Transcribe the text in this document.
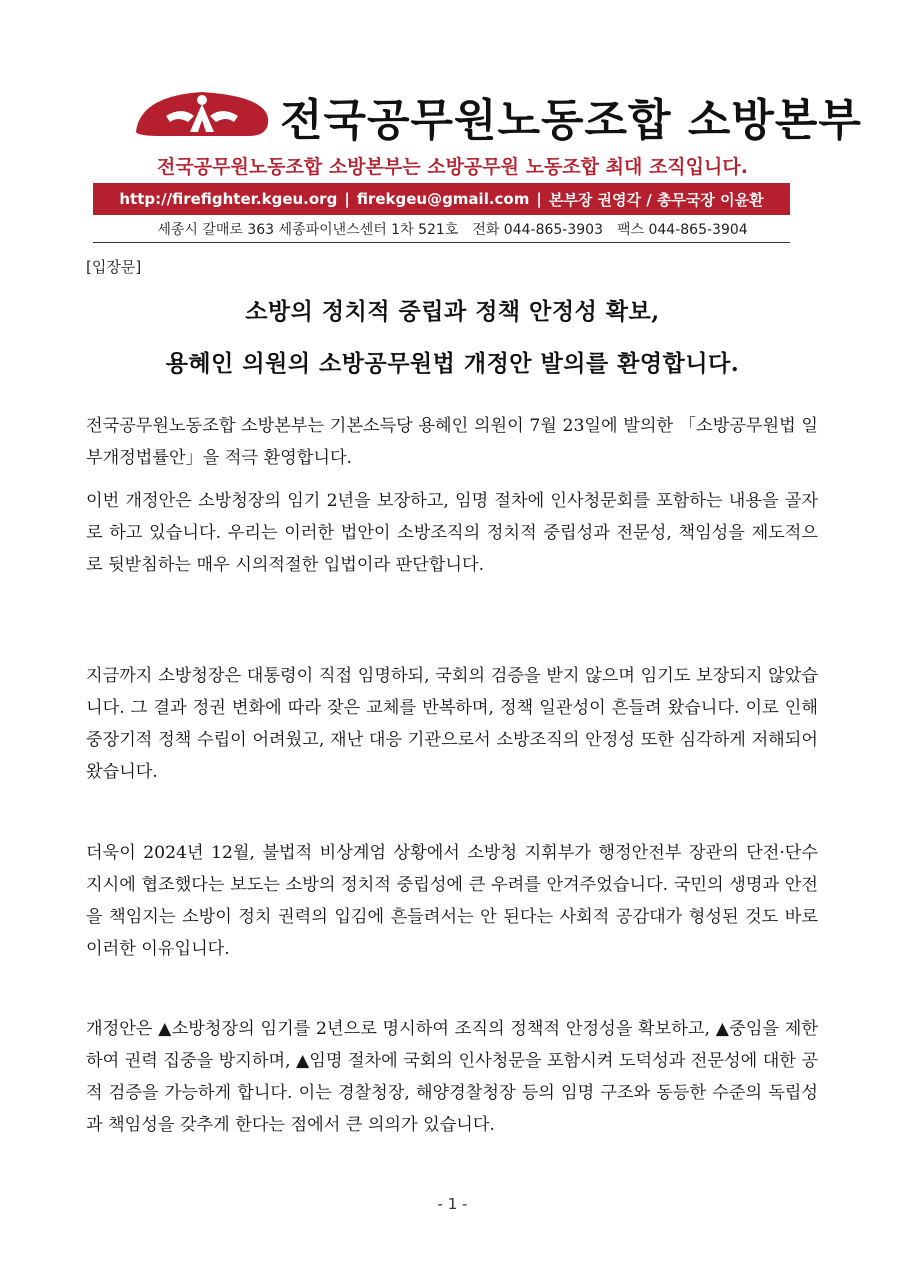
전국공무원노동조합 소방본부
전국공무원노동조합 소방본부는 소방공무원 노동조합 최대 조직입니다.
http://firefighter.kgeu.org | firekgeu@gmail.com | 본부장 권영각 / 총무국장 이윤환
세종시 갈매로 363 세종파이낸스센터 1차 521호　전화 044-865-3903　팩스 044-865-3904
[입장문]
소방의 정치적 중립과 정책 안정성 확보,
용혜인 의원의 소방공무원법 개정안 발의를 환영합니다.

전국공무원노동조합 소방본부는 기본소득당 용혜인 의원이 7월 23일에 발의한 「소방공무원법 일부개정법률안」을 적극 환영합니다.

이번 개정안은 소방청장의 임기 2년을 보장하고, 임명 절차에 인사청문회를 포함하는 내용을 골자로 하고 있습니다. 우리는 이러한 법안이 소방조직의 정치적 중립성과 전문성, 책임성을 제도적으로 뒷받침하는 매우 시의적절한 입법이라 판단합니다.

지금까지 소방청장은 대통령이 직접 임명하되, 국회의 검증을 받지 않으며 임기도 보장되지 않았습니다. 그 결과 정권 변화에 따라 잦은 교체를 반복하며, 정책 일관성이 흔들려 왔습니다. 이로 인해 중장기적 정책 수립이 어려웠고, 재난 대응 기관으로서 소방조직의 안정성 또한 심각하게 저해되어 왔습니다.

더욱이 2024년 12월, 불법적 비상계엄 상황에서 소방청 지휘부가 행정안전부 장관의 단전·단수 지시에 협조했다는 보도는 소방의 정치적 중립성에 큰 우려를 안겨주었습니다. 국민의 생명과 안전을 책임지는 소방이 정치 권력의 입김에 흔들려서는 안 된다는 사회적 공감대가 형성된 것도 바로 이러한 이유입니다.

개정안은 ▲소방청장의 임기를 2년으로 명시하여 조직의 정책적 안정성을 확보하고, ▲중임을 제한하여 권력 집중을 방지하며, ▲임명 절차에 국회의 인사청문을 포함시켜 도덕성과 전문성에 대한 공적 검증을 가능하게 합니다. 이는 경찰청장, 해양경찰청장 등의 임명 구조와 동등한 수준의 독립성과 책임성을 갖추게 한다는 점에서 큰 의의가 있습니다.

- 1 -
